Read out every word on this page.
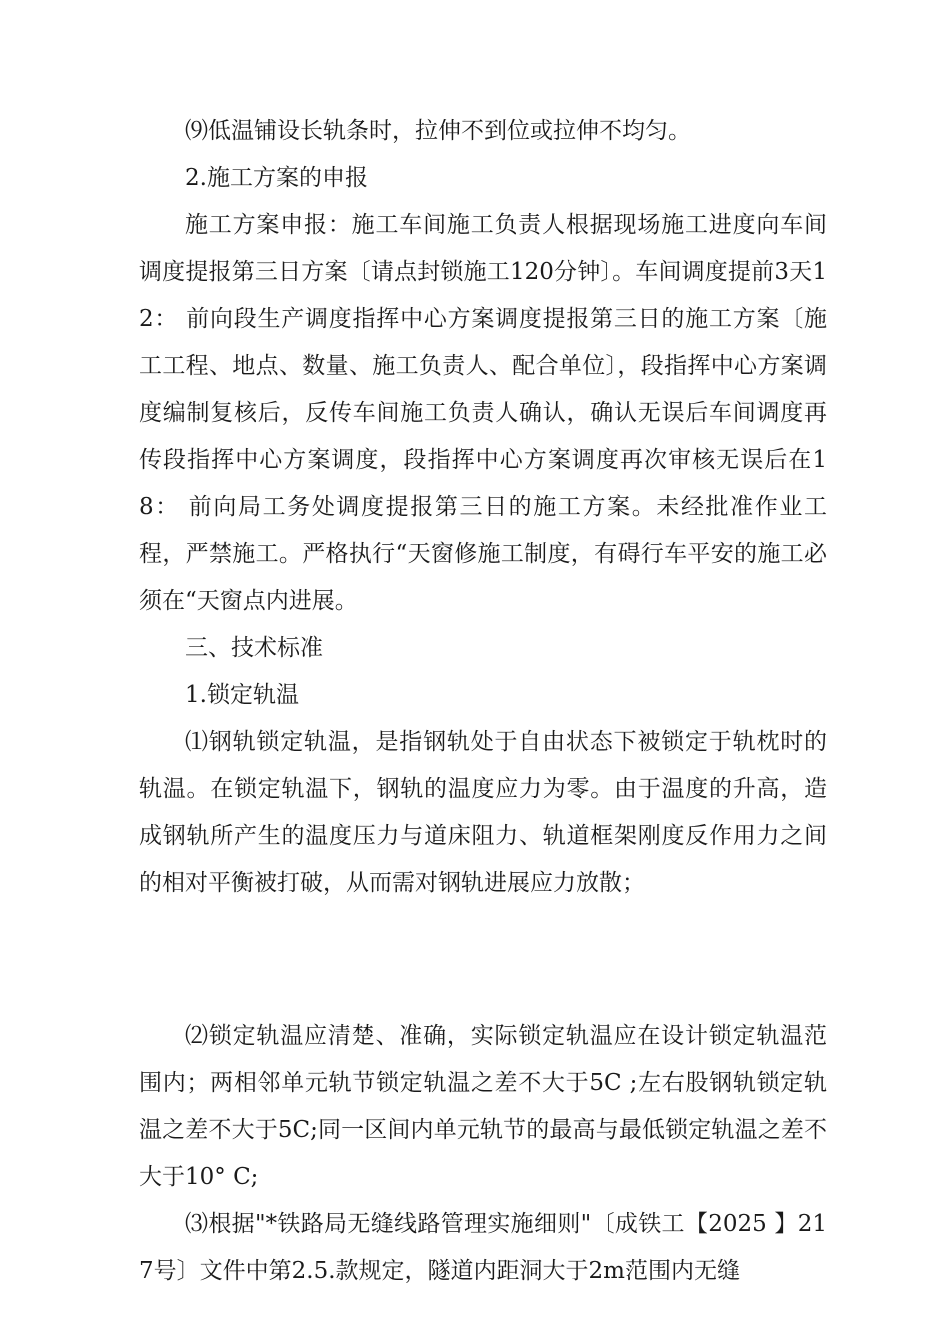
⑼低温铺设长轨条时，拉伸不到位或拉伸不均匀。

2.施工方案的申报

施工方案申报：施工车间施工负责人根据现场施工进度向车间调度提报第三日方案〔请点封锁施工120分钟〕。车间调度提前3天12： 前向段生产调度指挥中心方案调度提报第三日的施工方案〔施工工程、地点、数量、施工负责人、配合单位〕，段指挥中心方案调度编制复核后，反传车间施工负责人确认，确认无误后车间调度再传段指挥中心方案调度，段指挥中心方案调度再次审核无误后在18： 前向局工务处调度提报第三日的施工方案。未经批准作业工程，严禁施工。严格执行“天窗修施工制度，有碍行车平安的施工必须在“天窗点内进展。

三、技术标准

1.锁定轨温

⑴钢轨锁定轨温，是指钢轨处于自由状态下被锁定于轨枕时的轨温。在锁定轨温下，钢轨的温度应力为零。由于温度的升高，造成钢轨所产生的温度压力与道床阻力、轨道框架刚度反作用力之间的相对平衡被打破，从而需对钢轨进展应力放散；

⑵锁定轨温应清楚、准确，实际锁定轨温应在设计锁定轨温范围内；两相邻单元轨节锁定轨温之差不大于5C ;左右股钢轨锁定轨温之差不大于5C;同一区间内单元轨节的最高与最低锁定轨温之差不大于10° C;

⑶根据"*铁路局无缝线路管理实施细则"〔成铁工【2025 】217号〕文件中第2.5.款规定，隧道内距洞大于2m范围内无缝
